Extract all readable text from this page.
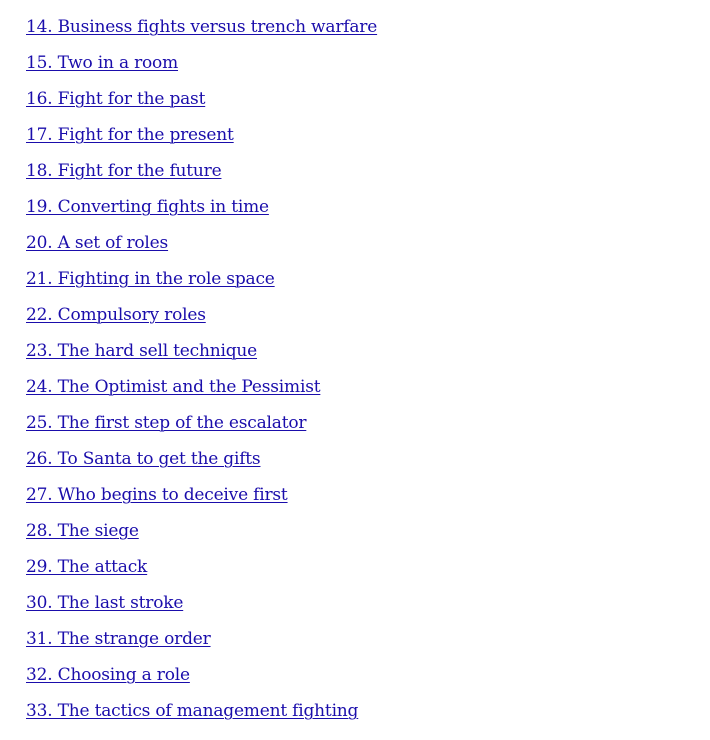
14. Business fights versus trench warfare
15. Two in a room
16. Fight for the past
17. Fight for the present
18. Fight for the future
19. Converting fights in time
20. A set of roles
21. Fighting in the role space
22. Compulsory roles
23. The hard sell technique
24. The Optimist and the Pessimist
25. The first step of the escalator
26. To Santa to get the gifts
27. Who begins to deceive first
28. The siege
29. The attack
30. The last stroke
31. The strange order
32. Choosing a role
33. The tactics of management fighting
